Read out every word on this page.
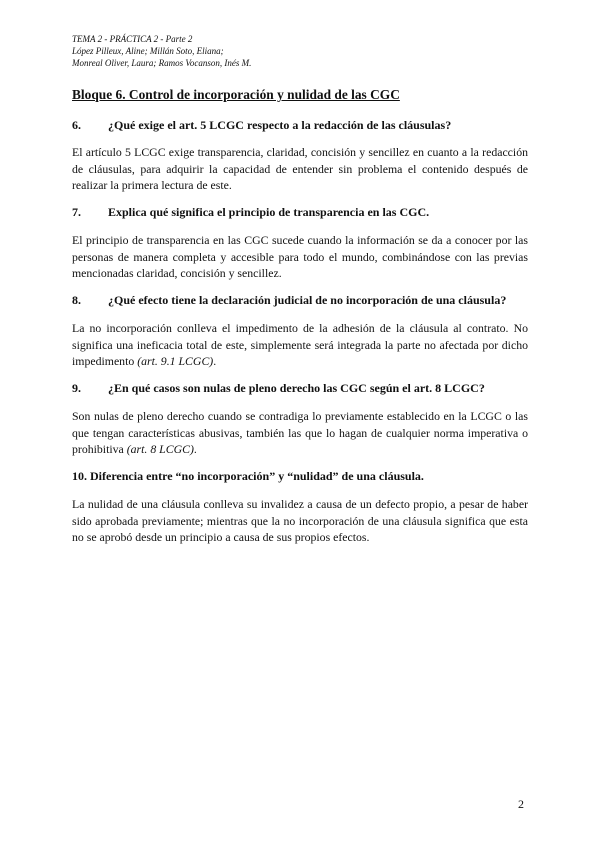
TEMA 2 - PRÁCTICA 2 - Parte 2
López Pilleux, Aline; Millán Soto, Eliana;
Monreal Oliver, Laura; Ramos Vocanson, Inés M.
Bloque 6. Control de incorporación y nulidad de las CGC
6. ¿Qué exige el art. 5 LCGC respecto a la redacción de las cláusulas?
El artículo 5 LCGC exige transparencia, claridad, concisión y sencillez en cuanto a la redacción de cláusulas, para adquirir la capacidad de entender sin problema el contenido después de realizar la primera lectura de este.
7. Explica qué significa el principio de transparencia en las CGC.
El principio de transparencia en las CGC sucede cuando la información se da a conocer por las personas de manera completa y accesible para todo el mundo, combinándose con las previas mencionadas claridad, concisión y sencillez.
8. ¿Qué efecto tiene la declaración judicial de no incorporación de una cláusula?
La no incorporación conlleva el impedimento de la adhesión de la cláusula al contrato. No significa una ineficacia total de este, simplemente será integrada la parte no afectada por dicho impedimento (art. 9.1 LCGC).
9. ¿En qué casos son nulas de pleno derecho las CGC según el art. 8 LCGC?
Son nulas de pleno derecho cuando se contradiga lo previamente establecido en la LCGC o las que tengan características abusivas, también las que lo hagan de cualquier norma imperativa o prohibitiva (art. 8 LCGC).
10. Diferencia entre “no incorporación” y “nulidad” de una cláusula.
La nulidad de una cláusula conlleva su invalidez a causa de un defecto propio, a pesar de haber sido aprobada previamente; mientras que la no incorporación de una cláusula significa que esta no se aprobó desde un principio a causa de sus propios efectos.
2
